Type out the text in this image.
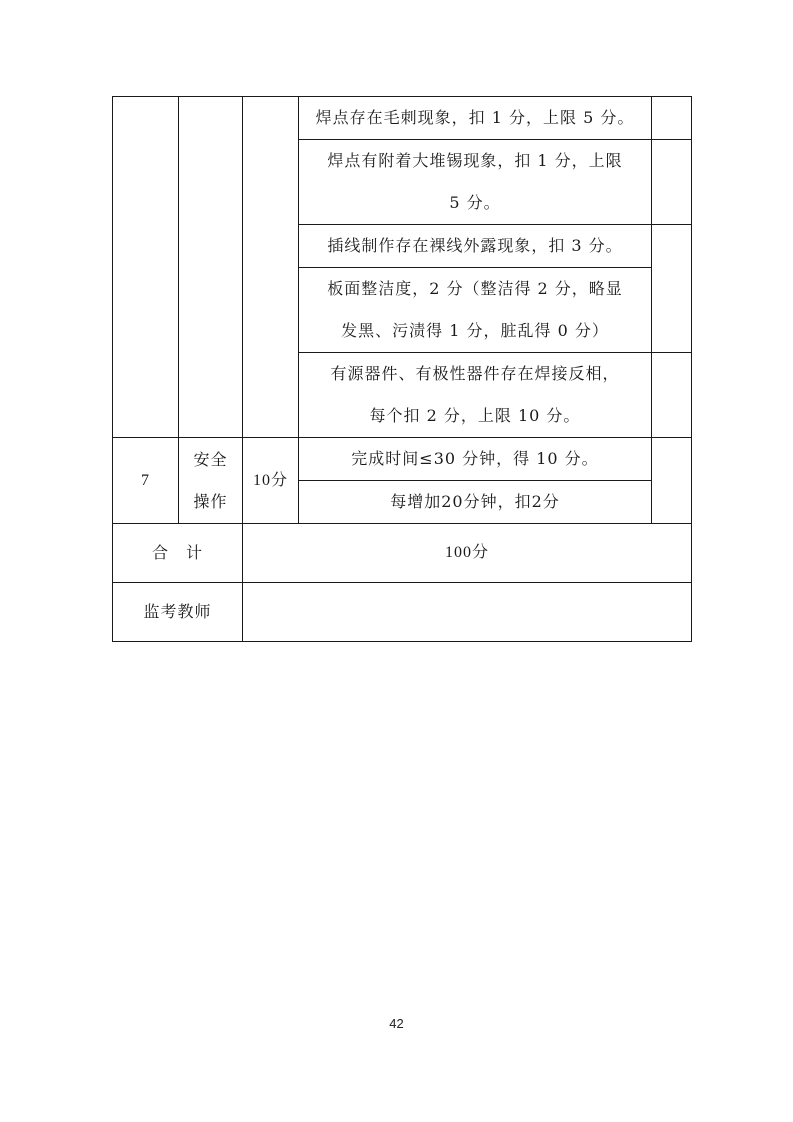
			焊点存在毛刺现象，扣 1 分，上限 5 分。	

			焊点有附着大堆锡现象，扣 1 分，上限
5 分。	

			插线制作存在裸线外露现象，扣 3 分。	

			板面整洁度，2 分（整洁得 2 分，略显
发黑、污渍得 1 分，脏乱得 0 分）	

			有源器件、有极性器件存在焊接反相，
每个扣 2 分，上限 10 分。	

7	安全
操作	10分	完成时间≤30 分钟，得 10 分。	

			每增加20分钟，扣2分	

合　计		100分		
监考教师				
42
